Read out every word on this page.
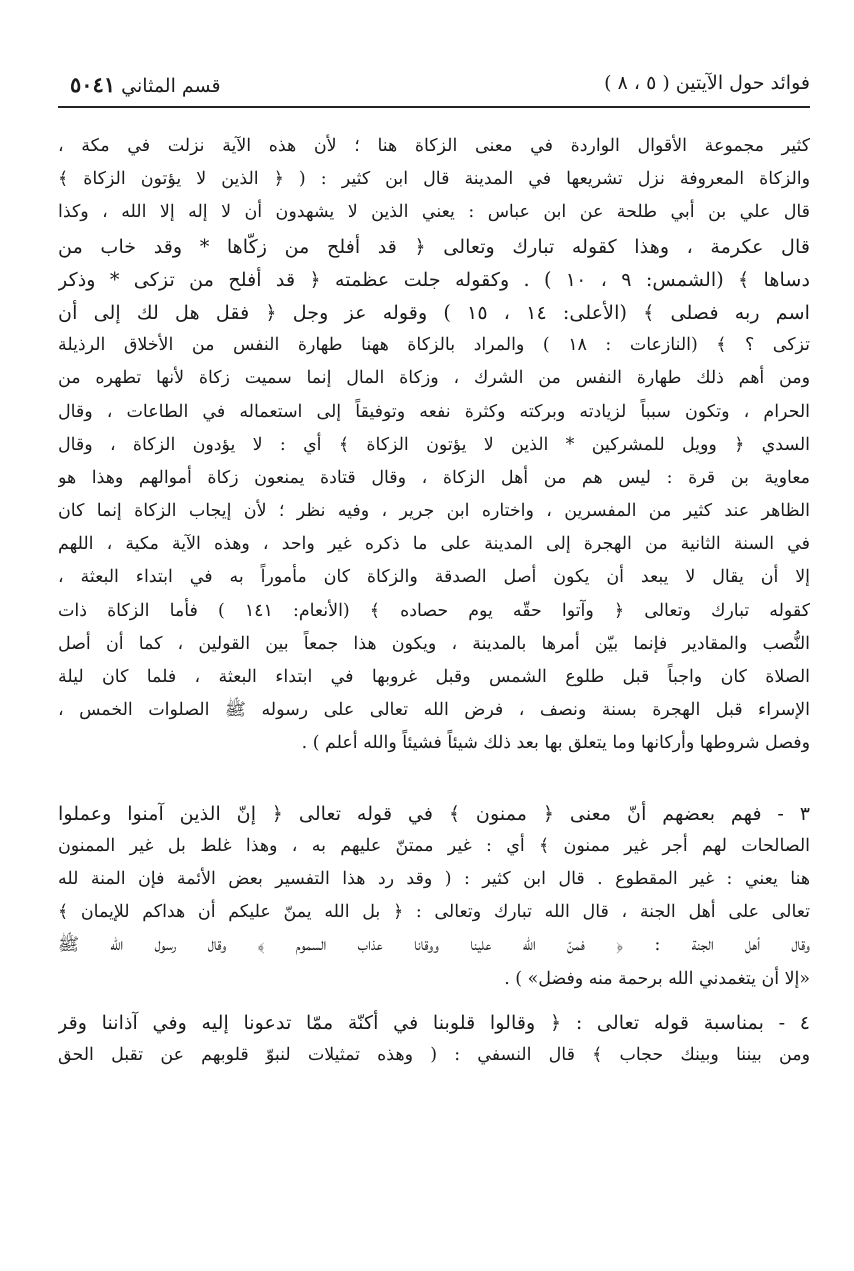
فوائد حول الآيتين ( ٥ ، ٨ )
قسم المثاني ٥٠٤١
كثير مجموعة الأقوال الواردة في معنى الزكاة هنا ؛ لأن هذه الآية نزلت في مكة ،
والزكاة المعروفة نزل تشريعها في المدينة قال ابن كثير : ( ﴿ الذين لا يؤتون الزكاة ﴾
قال علي بن أبي طلحة عن ابن عباس : يعني الذين لا يشهدون أن لا إله إلا الله ، وكذا
قال عكرمة ، وهذا كقوله تبارك وتعالى ﴿ قد أفلح من زكّاها * وقد خاب من
دساها ﴾ (الشمس: ٩ ، ١٠ ) . وكقوله جلت عظمته ﴿ قد أفلح من تزكى * وذكر
اسم ربه فصلى ﴾ (الأعلى: ١٤ ، ١٥ ) وقوله عز وجل ﴿ فقل هل لك إلى أن
تزكى ؟ ﴾ (النازعات : ١٨ ) والمراد بالزكاة ههنا طهارة النفس من الأخلاق الرذيلة
ومن أهم ذلك طهارة النفس من الشرك ، وزكاة المال إنما سميت زكاة لأنها تطهره من
الحرام ، وتكون سبباً لزيادته وبركته وكثرة نفعه وتوفيقاً إلى استعماله في الطاعات ، وقال
السدي ﴿ وويل للمشركين * الذين لا يؤتون الزكاة ﴾ أي : لا يؤدون الزكاة ، وقال
معاوية بن قرة : ليس هم من أهل الزكاة ، وقال قتادة يمنعون زكاة أموالهم وهذا هو
الظاهر عند كثير من المفسرين ، واختاره ابن جرير ، وفيه نظر ؛ لأن إيجاب الزكاة إنما كان
في السنة الثانية من الهجرة إلى المدينة على ما ذكره غير واحد ، وهذه الآية مكية ، اللهم
إلا أن يقال لا يبعد أن يكون أصل الصدقة والزكاة كان مأموراً به في ابتداء البعثة ،
كقوله تبارك وتعالى ﴿ وآتوا حقّه يوم حصاده ﴾ (الأنعام: ١٤١ ) فأما الزكاة ذات
النُّصب والمقادير فإنما بيّن أمرها بالمدينة ، ويكون هذا جمعاً بين القولين ، كما أن أصل
الصلاة كان واجباً قبل طلوع الشمس وقبل غروبها في ابتداء البعثة ، فلما كان ليلة
الإسراء قبل الهجرة بسنة ونصف ، فرض الله تعالى على رسوله ﷺ الصلوات الخمس ،
وفصل شروطها وأركانها وما يتعلق بها بعد ذلك شيئاً فشيئاً والله أعلم ) .
٣ - فهم بعضهم أنّ معنى ﴿ ممنون ﴾ في قوله تعالى ﴿ إنّ الذين آمنوا وعملوا
الصالحات لهم أجر غير ممنون ﴾ أي : غير ممتنّ عليهم به ، وهذا غلط بل غير الممنون
هنا يعني : غير المقطوع . قال ابن كثير : ( وقد رد هذا التفسير بعض الأئمة فإن المنة لله
تعالى على أهل الجنة ، قال الله تبارك وتعالى : ﴿ بل الله يمنّ عليكم أن هداكم للإيمان ﴾
وقال أهل الجنة : ﴿ فمنّ الله علينا ووقانا عذاب السموم ﴾ وقال رسول الله ﷺ
«إلا أن يتغمدني الله برحمة منه وفضل» ) .
٤ - بمناسبة قوله تعالى : ﴿ وقالوا قلوبنا في أكنّة ممّا تدعونا إليه وفي آذاننا وقر
ومن بيننا وبينك حجاب ﴾ قال النسفي : ( وهذه تمثيلات لنبوّ قلوبهم عن تقبل الحق
